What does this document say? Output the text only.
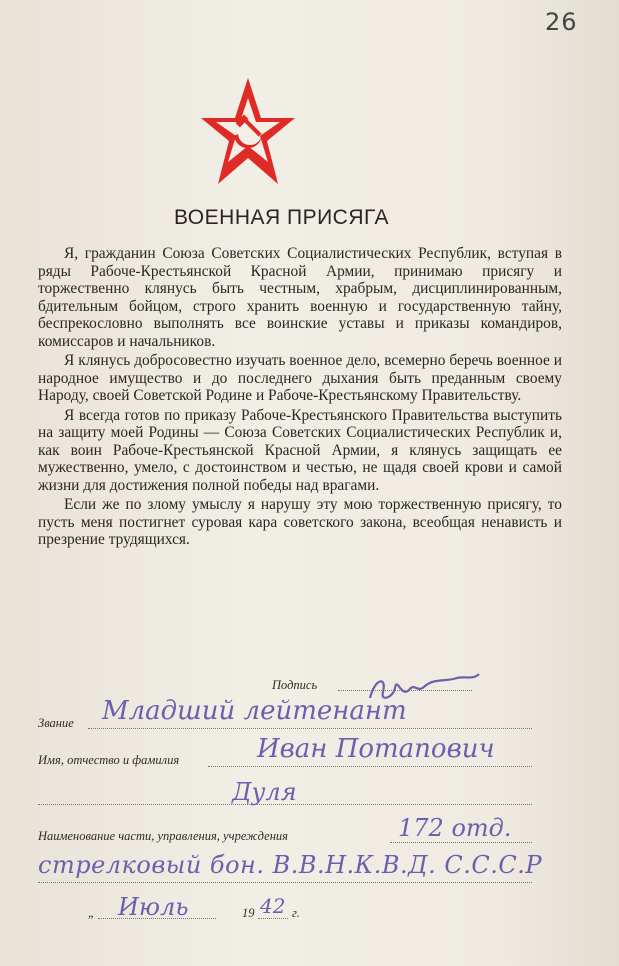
26
ВОЕННАЯ ПРИСЯГА

Я, гражданин Союза Советских Социалистических Республик, вступая в ряды Рабоче-Крестьянской Красной Армии, принимаю присягу и торжественно клянусь быть честным, храбрым, дисциплинированным, бдительным бойцом, строго хранить военную и государственную тайну, беспрекословно выполнять все воинские уставы и приказы командиров, комиссаров и начальников.

Я клянусь добросовестно изучать военное дело, всемерно беречь военное и народное имущество и до последнего дыхания быть преданным своему Народу, своей Советской Родине и Рабоче-Крестьянскому Правительству.

Я всегда готов по приказу Рабоче-Крестьянского Правительства выступить на защиту моей Родины — Союза Советских Социалистических Республик и, как воин Рабоче-Крестьянской Красной Армии, я клянусь защищать ее мужественно, умело, с достоинством и честью, не щадя своей крови и самой жизни для достижения полной победы над врагами.

Если же по злому умыслу я нарушу эту мою торжественную присягу, то пусть меня постигнет суровая кара советского закона, всеобщая ненависть и презрение трудящихся.

Подпись
Звание Младший лейтенант
Имя, отчество и фамилия	Иван Потапович
Дуля
Наименование части, управления, учреждения	172 отд.
стрелковый бон. В.В.Н.К.В.Д. С.С.С.Р
„ Июль	19 42 г.
